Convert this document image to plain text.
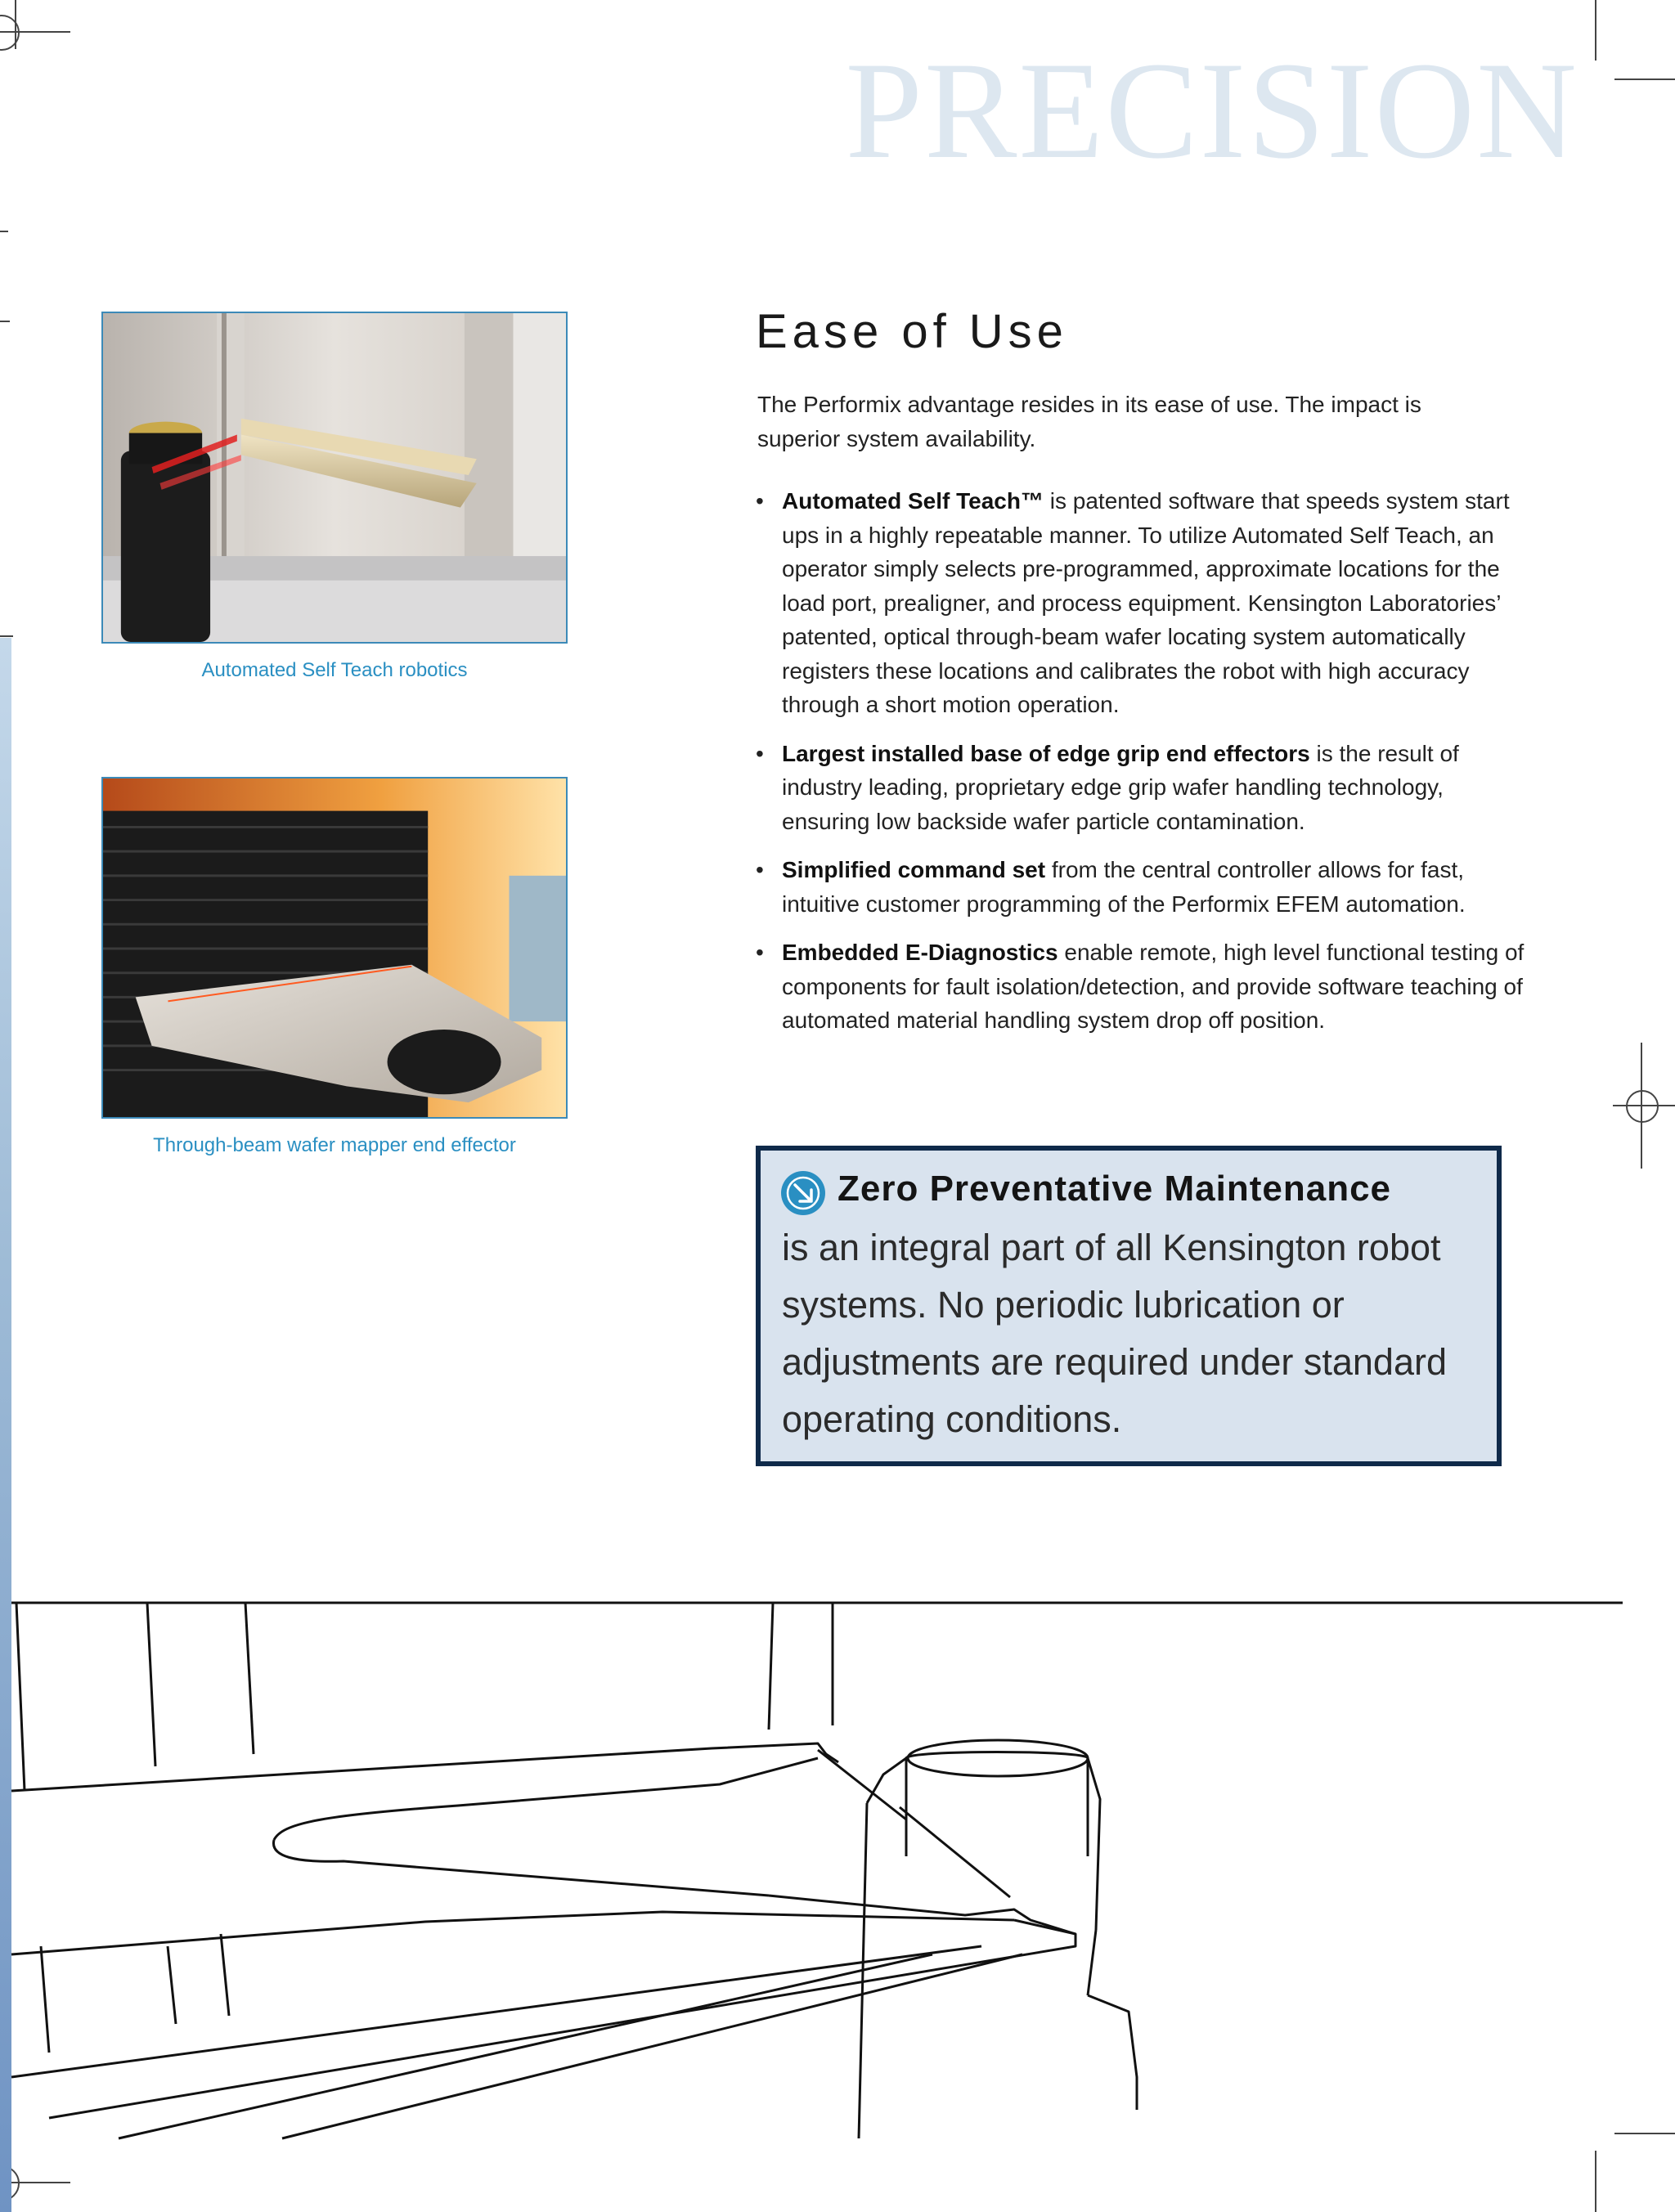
PRECISION
Automated Self Teach robotics
Through-beam wafer mapper end effector
Ease of Use
The Performix advantage resides in its ease of use. The impact is superior system availability.
• Automated Self Teach™ is patented software that speeds system start ups in a highly repeatable manner. To utilize Automated Self Teach, an operator simply selects pre-programmed, approximate locations for the load port, prealigner, and process equipment. Kensington Laboratories’ patented, optical through-beam wafer locating system automatically registers these locations and calibrates the robot with high accuracy through a short motion operation.
• Largest installed base of edge grip end effectors is the result of industry leading, proprietary edge grip wafer handling technology, ensuring low backside wafer particle contamination.
• Simplified command set from the central controller allows for fast, intuitive customer programming of the Performix EFEM automation.
• Embedded E-Diagnostics enable remote, high level functional testing of components for fault isolation/detection, and provide software teaching of automated material handling system drop off position.
Zero Preventative Maintenance
is an integral part of all Kensington robot systems. No periodic lubrication or adjustments are required under standard operating conditions.
